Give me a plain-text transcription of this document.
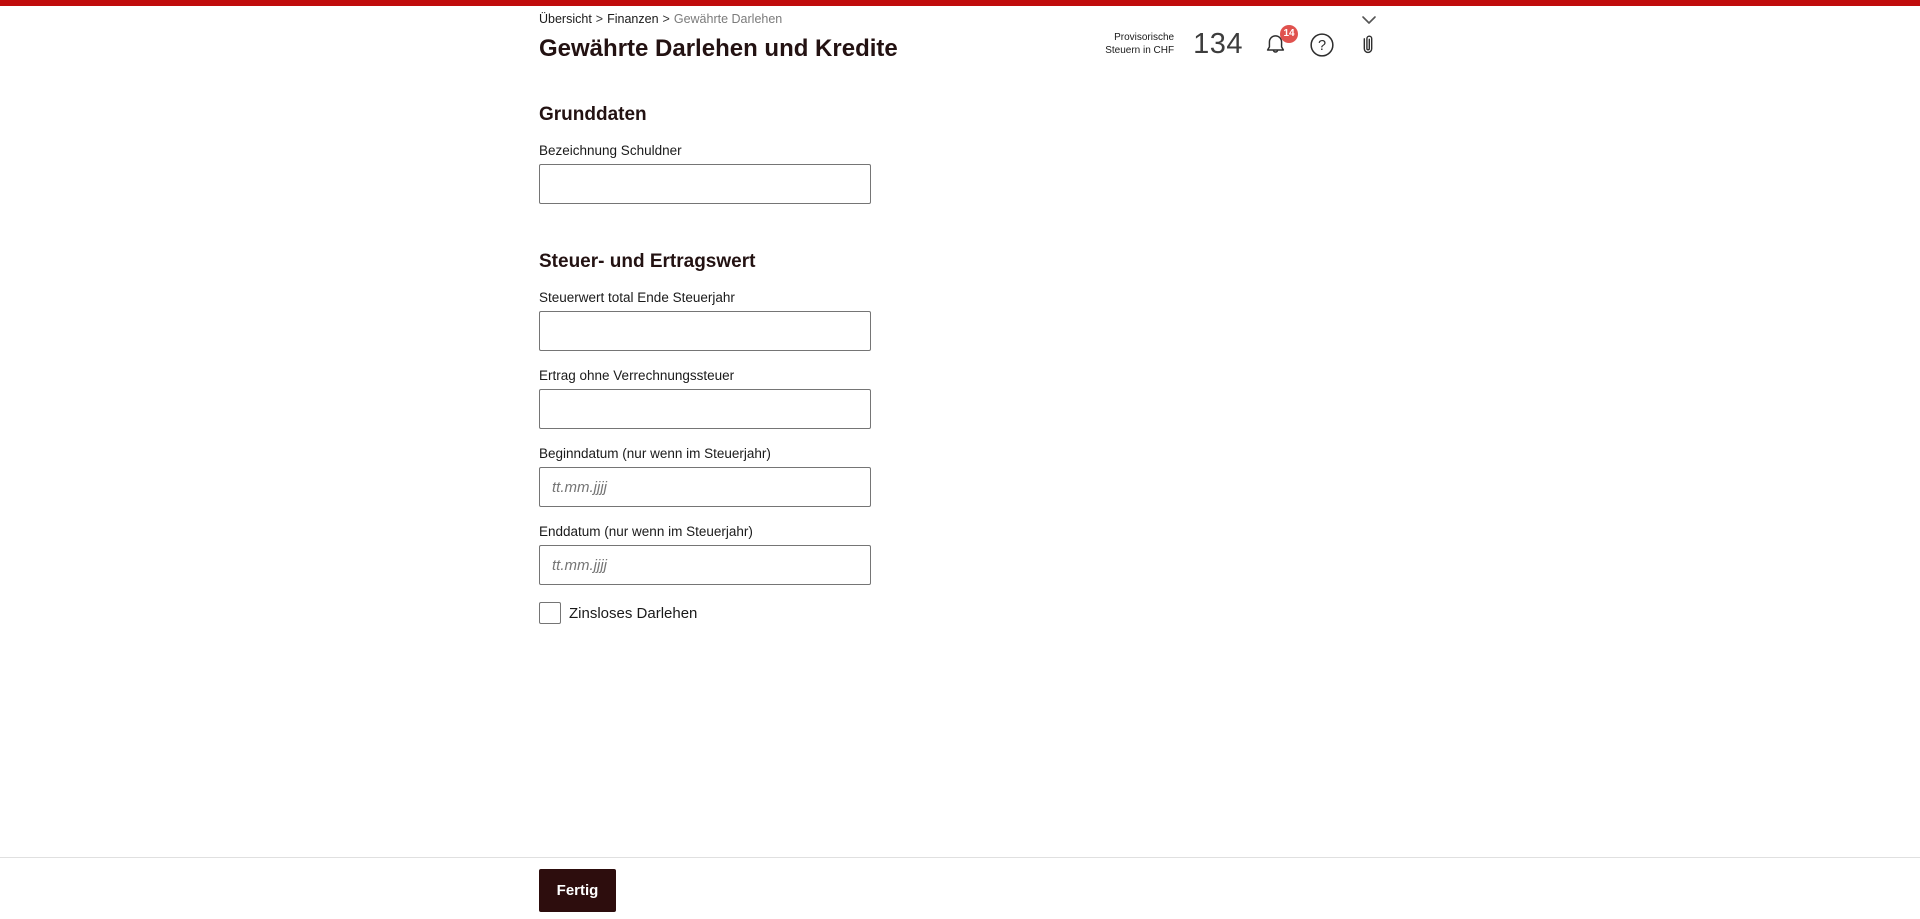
Übersicht > Finanzen > Gewährte Darlehen
Gewährte Darlehen und Kredite	Provisorische
Steuern in CHF 134	14
?
Grunddaten
Bezeichnung Schuldner
Steuer- und Ertragswert
Steuerwert total Ende Steuerjahr
Ertrag ohne Verrechnungssteuer
Beginndatum (nur wenn im Steuerjahr)
tt.mm.jjjj
Enddatum (nur wenn im Steuerjahr)
tt.mm.jjjj
Zinsloses Darlehen
Fertig
